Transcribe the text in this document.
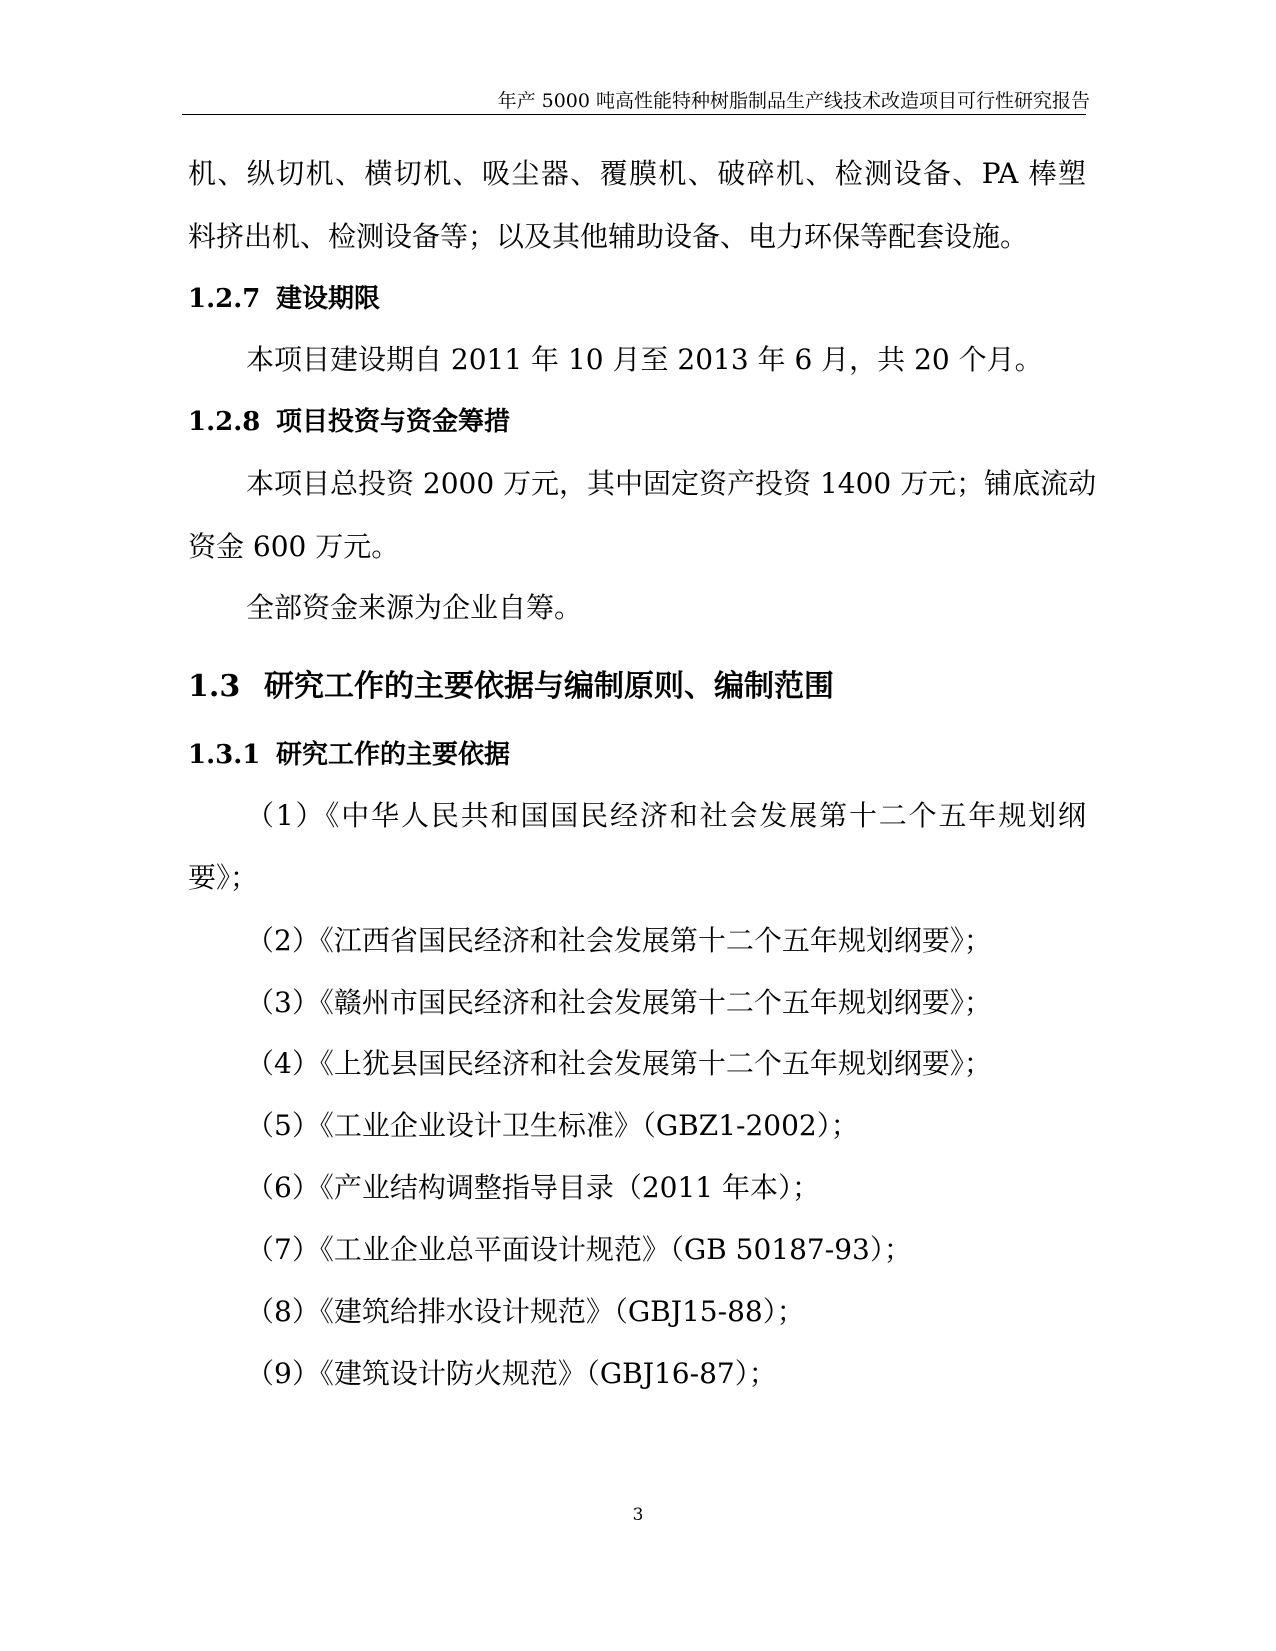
年产 5000 吨高性能特种树脂制品生产线技术改造项目可行性研究报告
机、纵切机、横切机、吸尘器、覆膜机、破碎机、检测设备、PA 棒塑
料挤出机、检测设备等；以及其他辅助设备、电力环保等配套设施。
1.2.7 建设期限
本项目建设期自 2011 年 10 月至 2013 年 6 月，共 20 个月。
1.2.8 项目投资与资金筹措
本项目总投资 2000 万元，其中固定资产投资 1400 万元；铺底流动
资金 600 万元。
全部资金来源为企业自筹。
1.3 研究工作的主要依据与编制原则、编制范围
1.3.1 研究工作的主要依据
（1）《中华人民共和国国民经济和社会发展第十二个五年规划纲
要》；
（2）《江西省国民经济和社会发展第十二个五年规划纲要》；
（3）《赣州市国民经济和社会发展第十二个五年规划纲要》；
（4）《上犹县国民经济和社会发展第十二个五年规划纲要》；
（5）《工业企业设计卫生标准》（GBZ1-2002）；
（6）《产业结构调整指导目录（2011 年本）；
（7）《工业企业总平面设计规范》（GB 50187-93）；
（8）《建筑给排水设计规范》（GBJ15-88）；
（9）《建筑设计防火规范》（GBJ16-87）；
3
